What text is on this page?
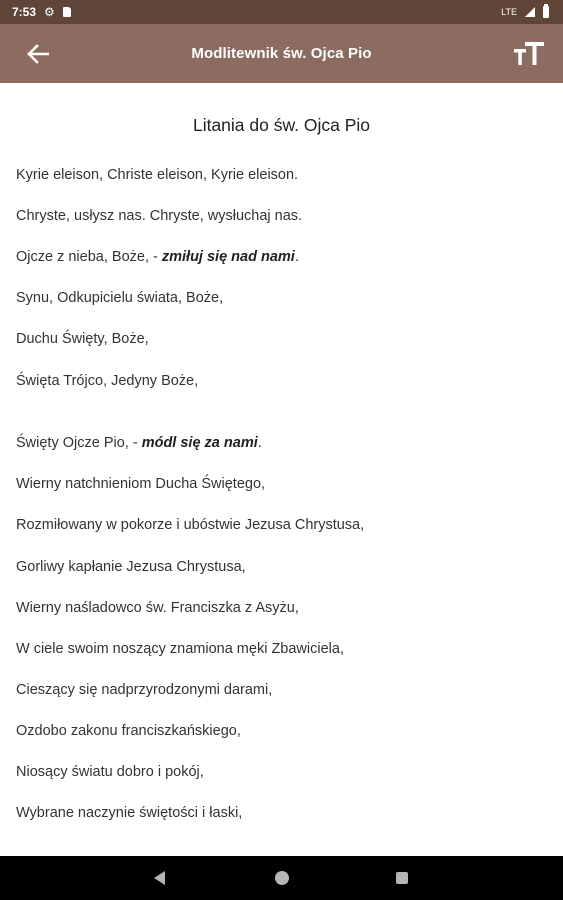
7:53 ⚙	LTE
Modlitewnik św. Ojca Pio
Litania do św. Ojca Pio
Kyrie eleison, Christe eleison, Kyrie eleison.
Chryste, usłysz nas. Chryste, wysłuchaj nas.
Ojcze z nieba, Boże, - zmiłuj się nad nami.
Synu, Odkupicielu świata, Boże,
Duchu Święty, Boże,
Święta Trójco, Jedyny Boże,
Święty Ojcze Pio, - módl się za nami.
Wierny natchnieniom Ducha Świętego,
Rozmiłowany w pokorze i ubóstwie Jezusa Chrystusa,
Gorliwy kapłanie Jezusa Chrystusa,
Wierny naśladowco św. Franciszka z Asyżu,
W ciele swoim noszący znamiona męki Zbawiciela,
Cieszący się nadprzyrodzonymi darami,
Ozdobo zakonu franciszkańskiego,
Niosący światu dobro i pokój,
Wybrane naczynie świętości i łaski,
